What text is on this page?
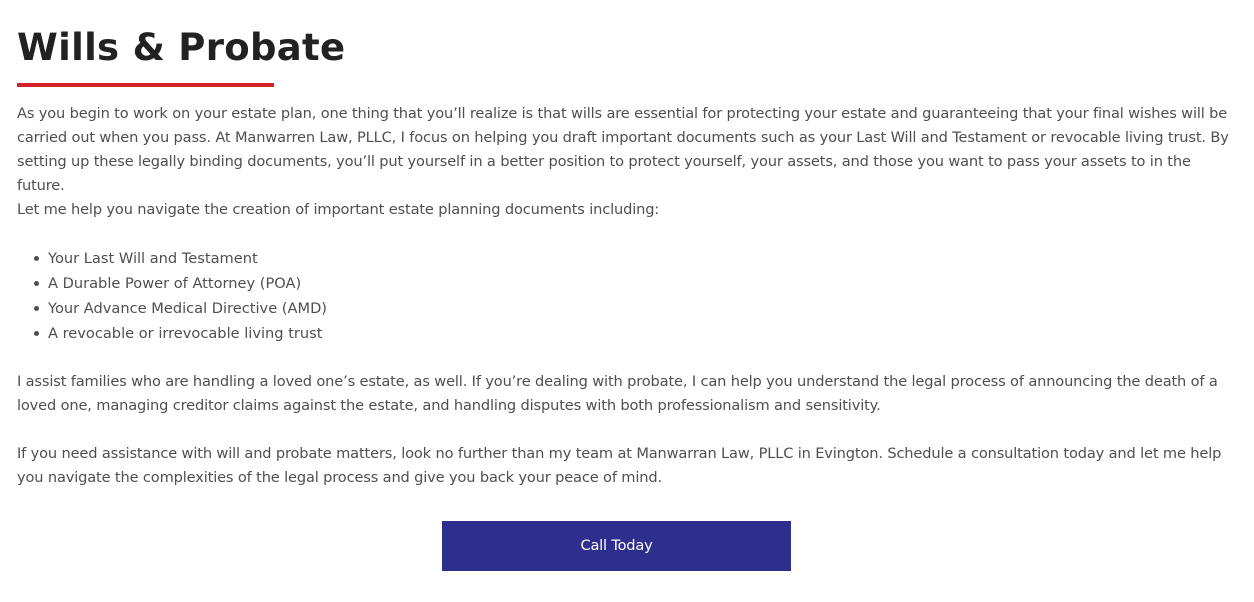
Wills & Probate

As you begin to work on your estate plan, one thing that you’ll realize is that wills are essential for protecting your estate and guaranteeing that your final wishes will be carried out when you pass. At Manwarren Law, PLLC, I focus on helping you draft important documents such as your Last Will and Testament or revocable living trust. By setting up these legally binding documents, you’ll put yourself in a better position to protect yourself, your assets, and those you want to pass your assets to in the future.

Let me help you navigate the creation of important estate planning documents including:

Your Last Will and Testament
A Durable Power of Attorney (POA)
Your Advance Medical Directive (AMD)
A revocable or irrevocable living trust

I assist families who are handling a loved one’s estate, as well. If you’re dealing with probate, I can help you understand the legal process of announcing the death of a loved one, managing creditor claims against the estate, and handling disputes with both professionalism and sensitivity.

If you need assistance with will and probate matters, look no further than my team at Manwarran Law, PLLC in Evington. Schedule a consultation today and let me help you navigate the complexities of the legal process and give you back your peace of mind.

Call Today
